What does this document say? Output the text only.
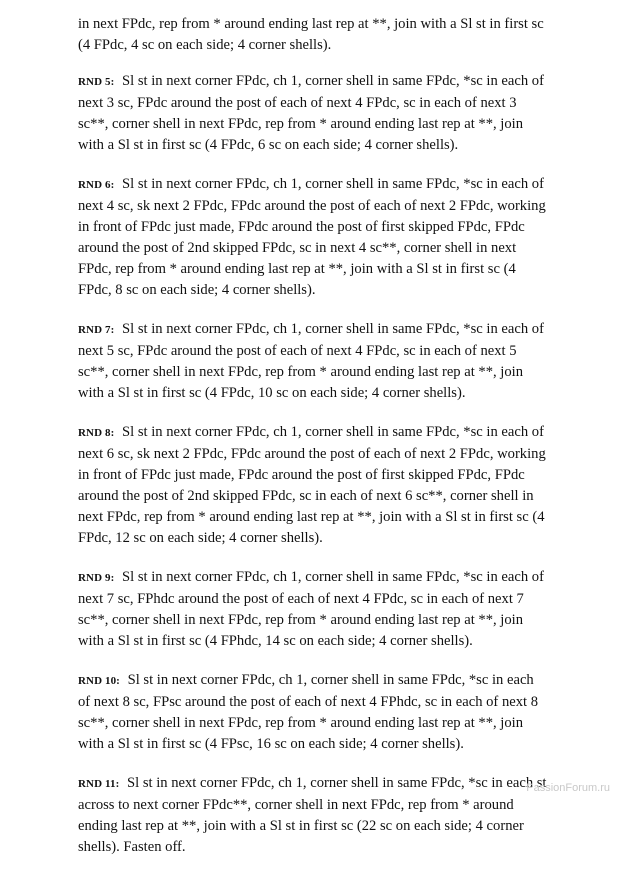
in next FPdc, rep from * around ending last rep at **, join with a Sl st in first sc (4 FPdc, 4 sc on each side; 4 corner shells).

RND 5: Sl st in next corner FPdc, ch 1, corner shell in same FPdc, *sc in each of next 3 sc, FPdc around the post of each of next 4 FPdc, sc in each of next 3 sc**, corner shell in next FPdc, rep from * around ending last rep at **, join with a Sl st in first sc (4 FPdc, 6 sc on each side; 4 corner shells).

RND 6: Sl st in next corner FPdc, ch 1, corner shell in same FPdc, *sc in each of next 4 sc, sk next 2 FPdc, FPdc around the post of each of next 2 FPdc, working in front of FPdc just made, FPdc around the post of first skipped FPdc, FPdc around the post of 2nd skipped FPdc, sc in next 4 sc**, corner shell in next FPdc, rep from * around ending last rep at **, join with a Sl st in first sc (4 FPdc, 8 sc on each side; 4 corner shells).

RND 7: Sl st in next corner FPdc, ch 1, corner shell in same FPdc, *sc in each of next 5 sc, FPdc around the post of each of next 4 FPdc, sc in each of next 5 sc**, corner shell in next FPdc, rep from * around ending last rep at **, join with a Sl st in first sc (4 FPdc, 10 sc on each side; 4 corner shells).

RND 8: Sl st in next corner FPdc, ch 1, corner shell in same FPdc, *sc in each of next 6 sc, sk next 2 FPdc, FPdc around the post of each of next 2 FPdc, working in front of FPdc just made, FPdc around the post of first skipped FPdc, FPdc around the post of 2nd skipped FPdc, sc in each of next 6 sc**, corner shell in next FPdc, rep from * around ending last rep at **, join with a Sl st in first sc (4 FPdc, 12 sc on each side; 4 corner shells).

RND 9: Sl st in next corner FPdc, ch 1, corner shell in same FPdc, *sc in each of next 7 sc, FPhdc around the post of each of next 4 FPdc, sc in each of next 7 sc**, corner shell in next FPdc, rep from * around ending last rep at **, join with a Sl st in first sc (4 FPhdc, 14 sc on each side; 4 corner shells).

RND 10: Sl st in next corner FPdc, ch 1, corner shell in same FPdc, *sc in each of next 8 sc, FPsc around the post of each of next 4 FPhdc, sc in each of next 8 sc**, corner shell in next FPdc, rep from * around ending last rep at **, join with a Sl st in first sc (4 FPsc, 16 sc on each side; 4 corner shells).

RND 11: Sl st in next corner FPdc, ch 1, corner shell in same FPdc, *sc in each st across to next corner FPdc**, corner shell in next FPdc, rep from * around ending last rep at **, join with a Sl st in first sc (22 sc on each side; 4 corner shells). Fasten off.

PassionForum.ru
